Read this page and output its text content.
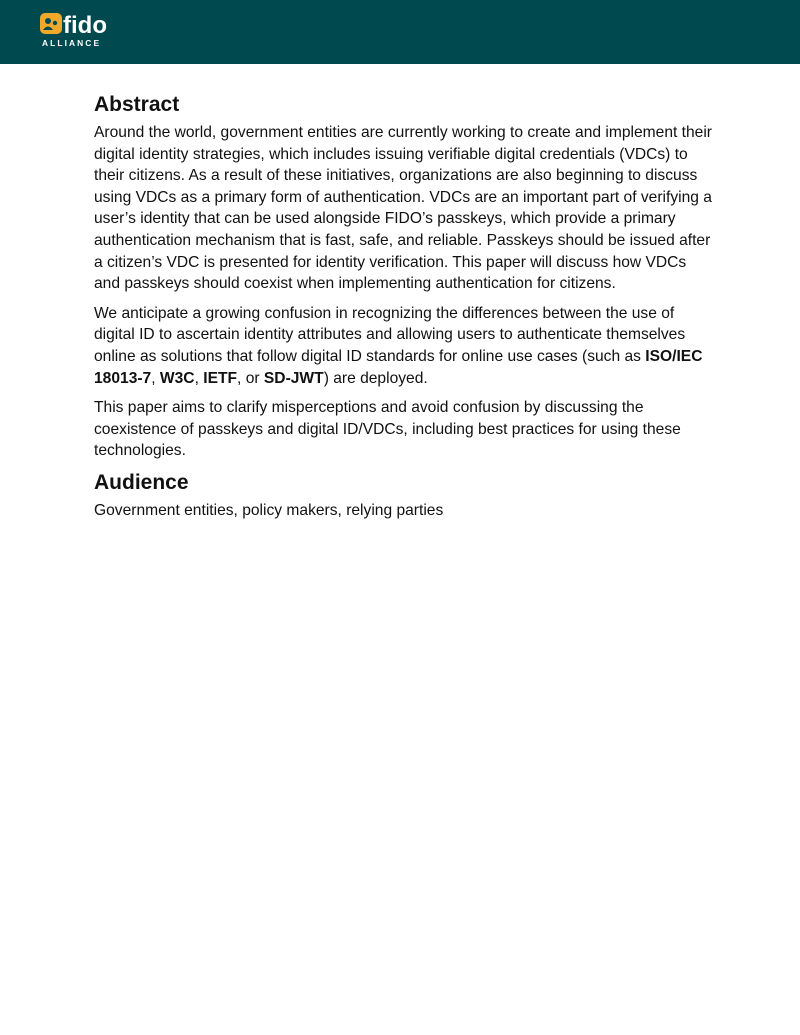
fido
ALLIANCE
Abstract

Around the world, government entities are currently working to create and implement their digital identity strategies, which includes issuing verifiable digital credentials (VDCs) to their citizens. As a result of these initiatives, organizations are also beginning to discuss using VDCs as a primary form of authentication. VDCs are an important part of verifying a user’s identity that can be used alongside FIDO’s passkeys, which provide a primary authentication mechanism that is fast, safe, and reliable. Passkeys should be issued after a citizen’s VDC is presented for identity verification. This paper will discuss how VDCs and passkeys should coexist when implementing authentication for citizens.

We anticipate a growing confusion in recognizing the differences between the use of digital ID to ascertain identity attributes and allowing users to authenticate themselves online as solutions that follow digital ID standards for online use cases (such as ISO/IEC 18013-7, W3C, IETF, or SD-JWT) are deployed.

This paper aims to clarify misperceptions and avoid confusion by discussing the coexistence of passkeys and digital ID/VDCs, including best practices for using these technologies.

Audience

Government entities, policy makers, relying parties
